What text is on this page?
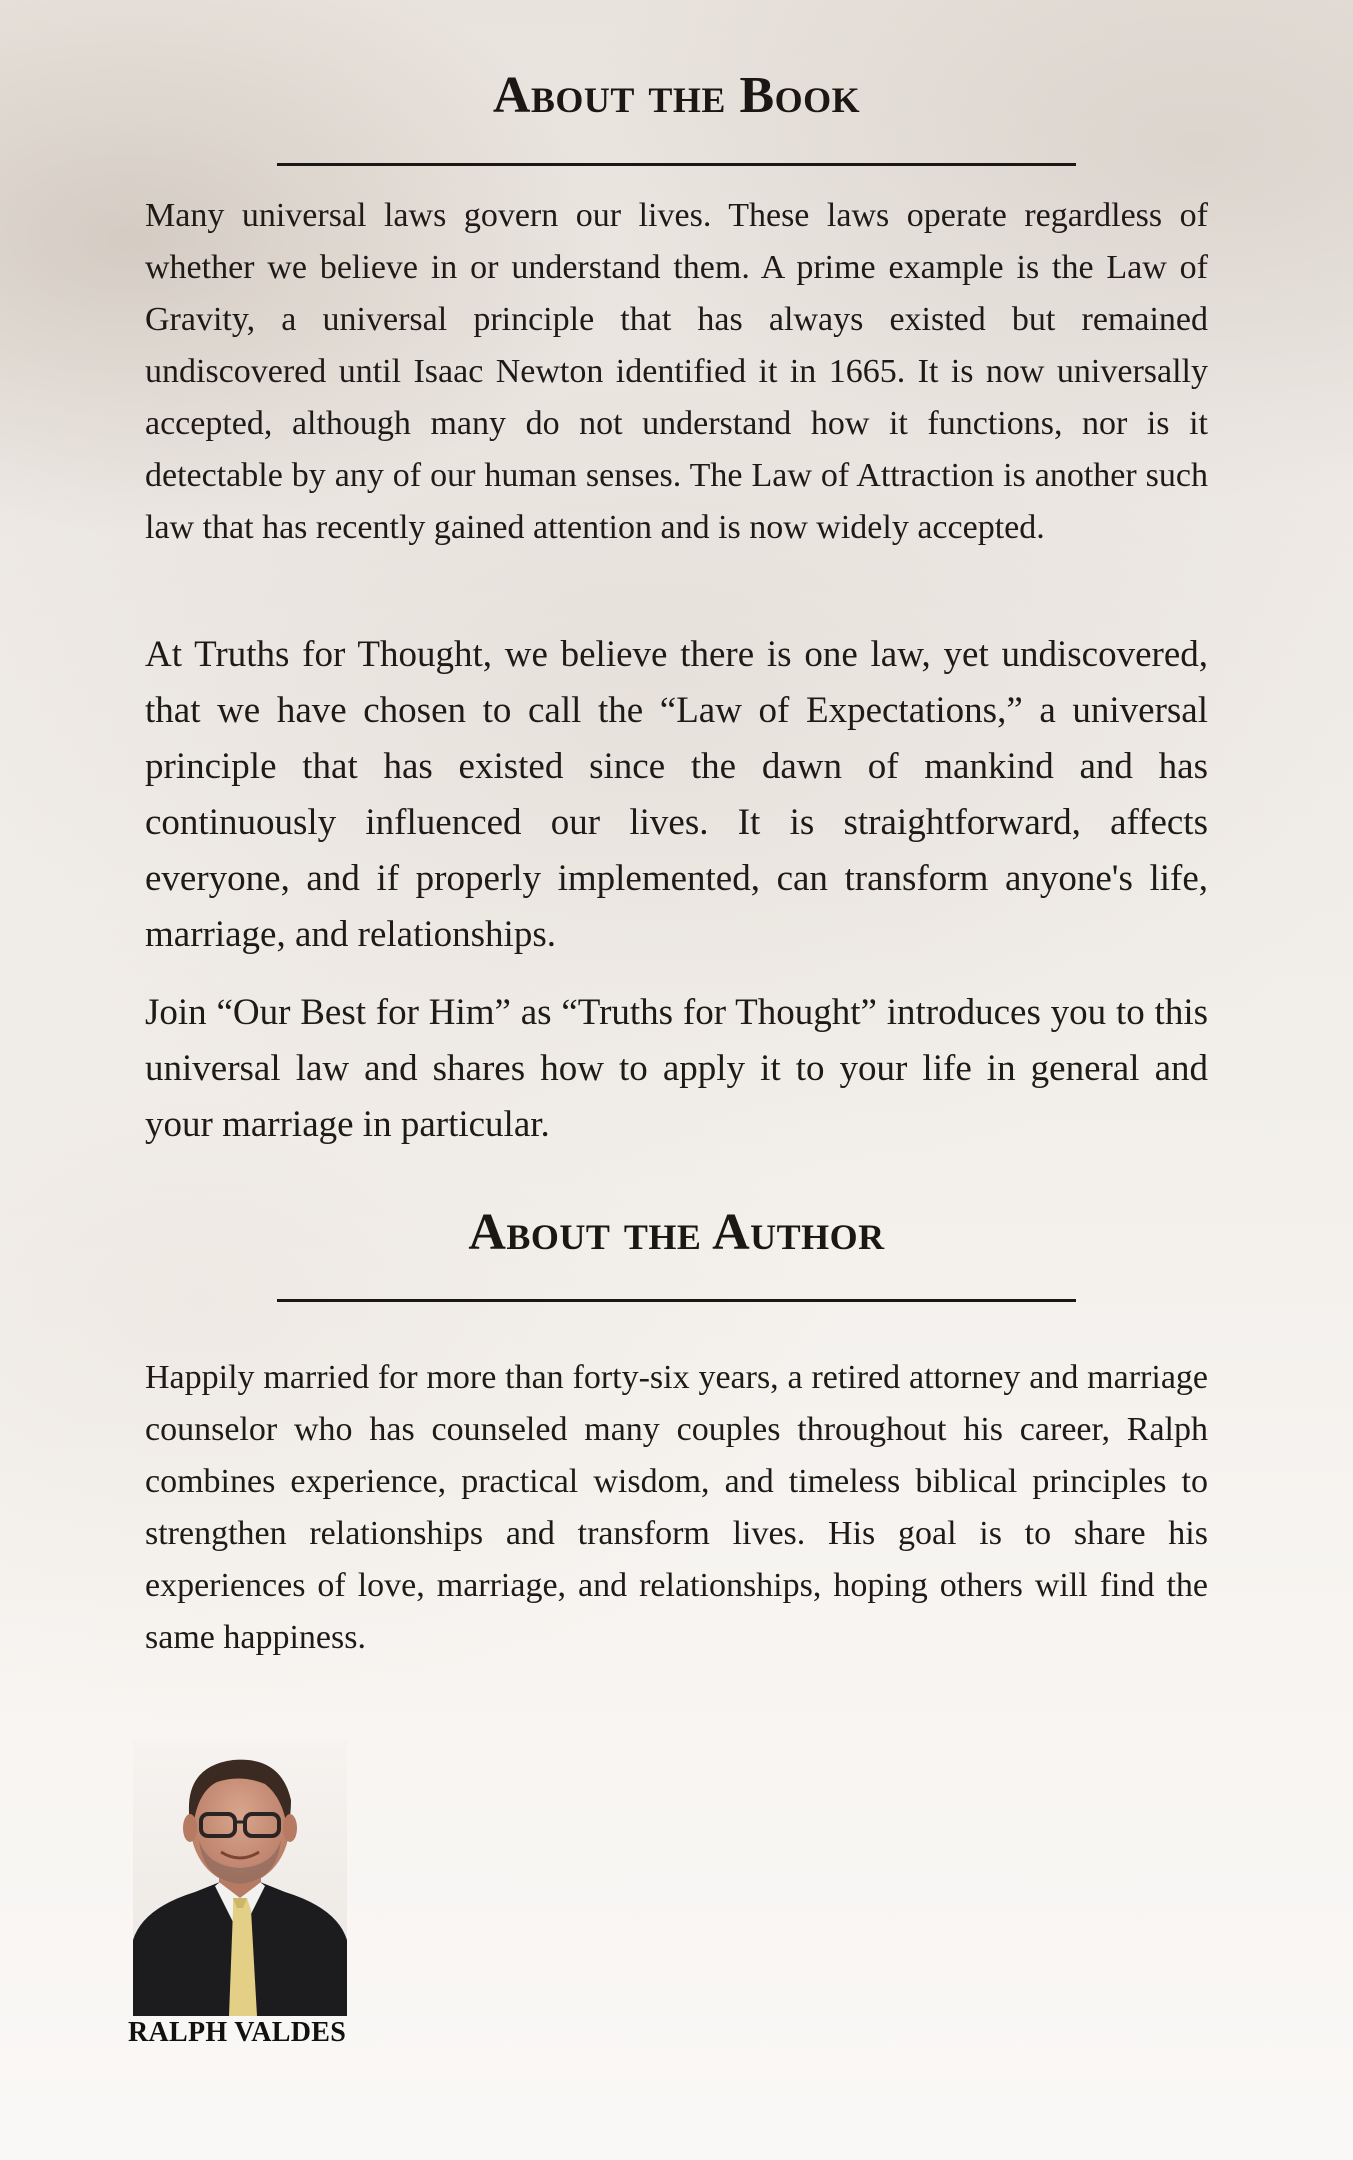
About the Book

Many universal laws govern our lives. These laws operate regardless of whether we believe in or understand them. A prime example is the Law of Gravity, a universal principle that has always existed but remained undiscovered until Isaac Newton identified it in 1665. It is now universally accepted, although many do not understand how it functions, nor is it detectable by any of our human senses. The Law of Attraction is another such law that has recently gained attention and is now widely accepted.

At Truths for Thought, we believe there is one law, yet undiscovered, that we have chosen to call the “Law of Expectations,” a universal principle that has existed since the dawn of mankind and has continuously influenced our lives. It is straightforward, affects everyone, and if properly implemented, can transform anyone's life, marriage, and relationships.

Join “Our Best for Him” as “Truths for Thought” introduces you to this universal law and shares how to apply it to your life in general and your marriage in particular.

About the Author

Happily married for more than forty-six years, a retired attorney and marriage counselor who has counseled many couples throughout his career, Ralph combines experience, practical wisdom, and timeless biblical principles to strengthen relationships and transform lives. His goal is to share his experiences of love, marriage, and relationships, hoping others will find the same happiness.

RALPH VALDES
